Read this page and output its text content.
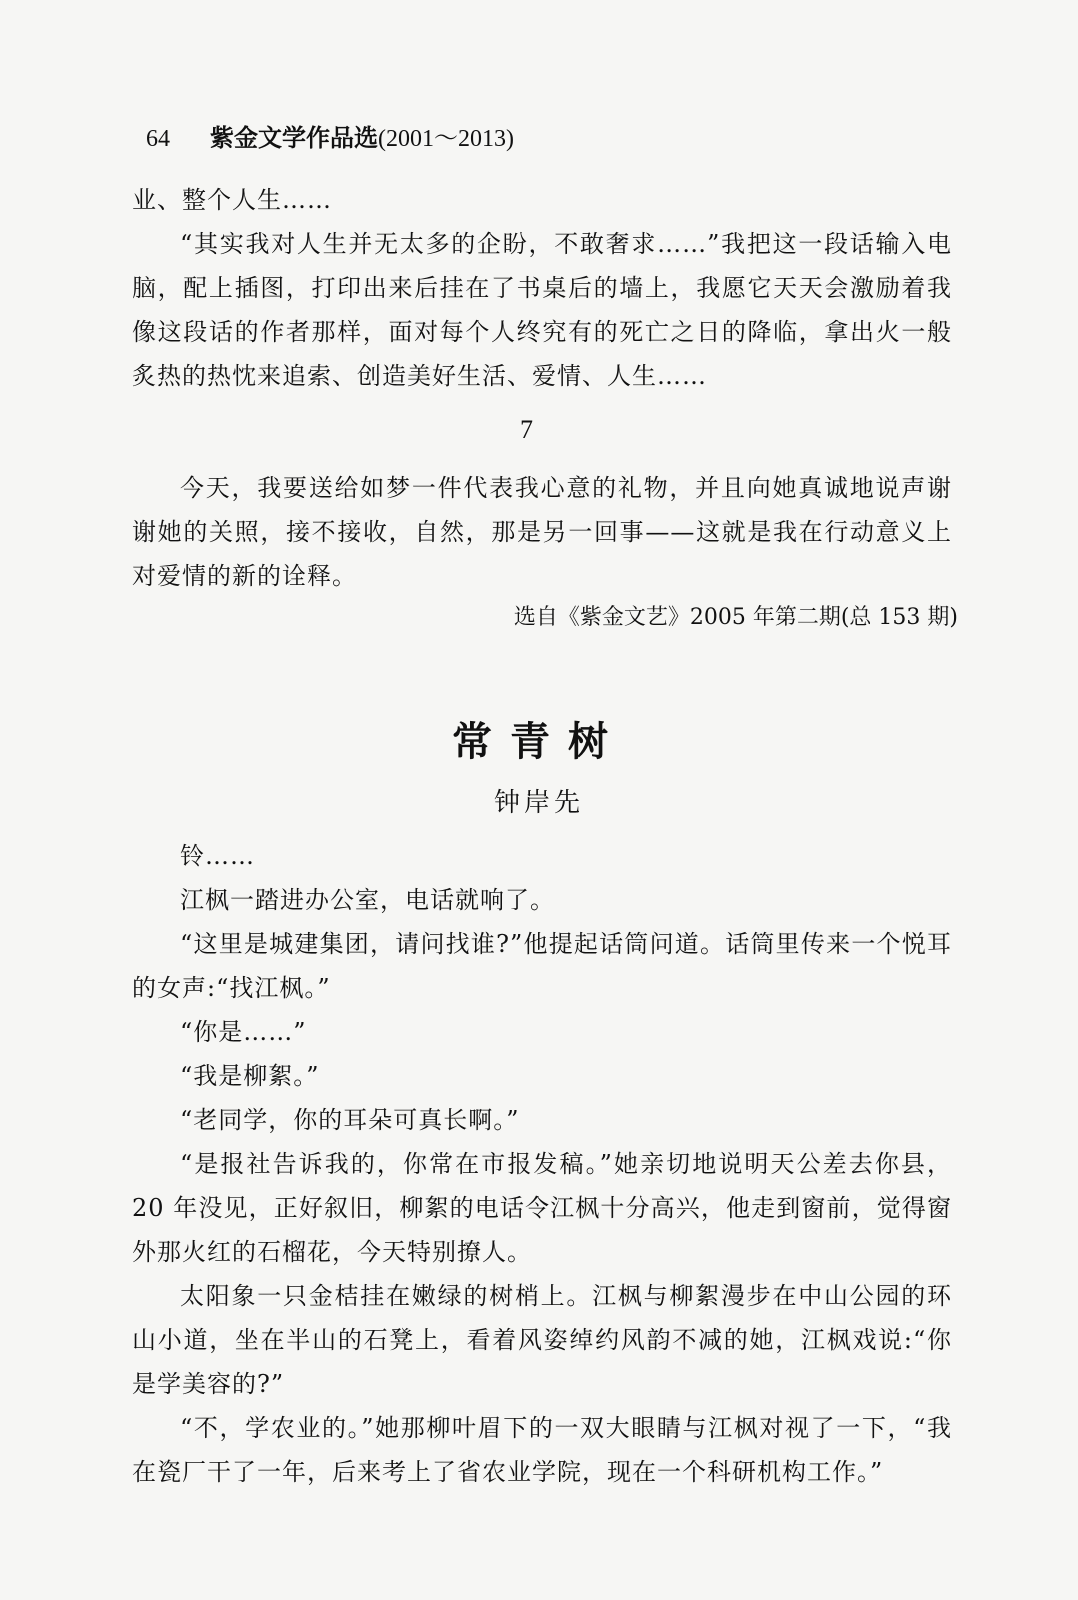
64 紫金文学作品选(2001～2013)

业、整个人生……

“其实我对人生并无太多的企盼，不敢奢求……”我把这一段话输入电脑，配上插图，打印出来后挂在了书桌后的墙上，我愿它天天会激励着我像这段话的作者那样，面对每个人终究有的死亡之日的降临，拿出火一般炙热的热忱来追索、创造美好生活、爱情、人生……

7

今天，我要送给如梦一件代表我心意的礼物，并且向她真诚地说声谢谢她的关照，接不接收，自然，那是另一回事——这就是我在行动意义上对爱情的新的诠释。

选自《紫金文艺》2005 年第二期(总 153 期)
常青树
钟岸先

铃……

江枫一踏进办公室，电话就响了。

“这里是城建集团，请问找谁?”他提起话筒问道。话筒里传来一个悦耳的女声:“找江枫。”

“你是……”

“我是柳絮。”

“老同学，你的耳朵可真长啊。”

“是报社告诉我的，你常在市报发稿。”她亲切地说明天公差去你县，20 年没见，正好叙旧，柳絮的电话令江枫十分高兴，他走到窗前，觉得窗外那火红的石榴花，今天特别撩人。

太阳象一只金桔挂在嫩绿的树梢上。江枫与柳絮漫步在中山公园的环山小道，坐在半山的石凳上，看着风姿绰约风韵不减的她，江枫戏说:“你是学美容的?”

“不，学农业的。”她那柳叶眉下的一双大眼睛与江枫对视了一下，“我在瓷厂干了一年，后来考上了省农业学院，现在一个科研机构工作。”
